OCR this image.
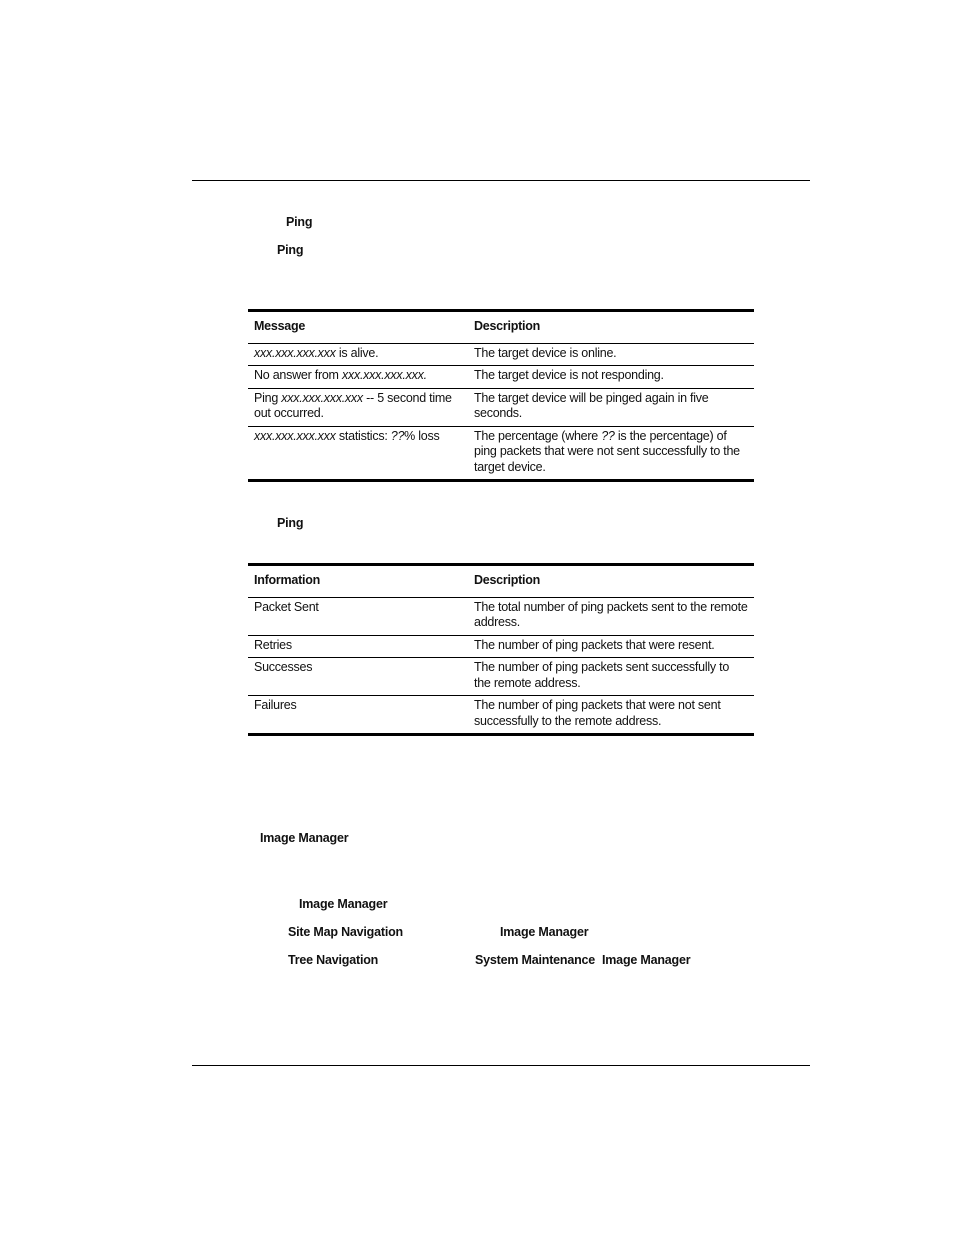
Ping
Ping
Message	Description
xxx.xxx.xxx.xxx is alive.	The target device is online.
No answer from xxx.xxx.xxx.xxx.	The target device is not responding.
Ping xxx.xxx.xxx.xxx -- 5 second time out occurred.	The target device will be pinged again in five seconds.
xxx.xxx.xxx.xxx statistics: ??% loss	The percentage (where ?? is the percentage) of ping packets that were not sent successfully to the target device.
Ping
Information	Description
Packet Sent	The total number of ping packets sent to the remote address.
Retries	The number of ping packets that were resent.
Successes	The number of ping packets sent successfully to the remote address.
Failures	The number of ping packets that were not sent successfully to the remote address.
Image Manager
Image Manager
Site Map Navigation	Image Manager
Tree Navigation	System Maintenance Image Manager
